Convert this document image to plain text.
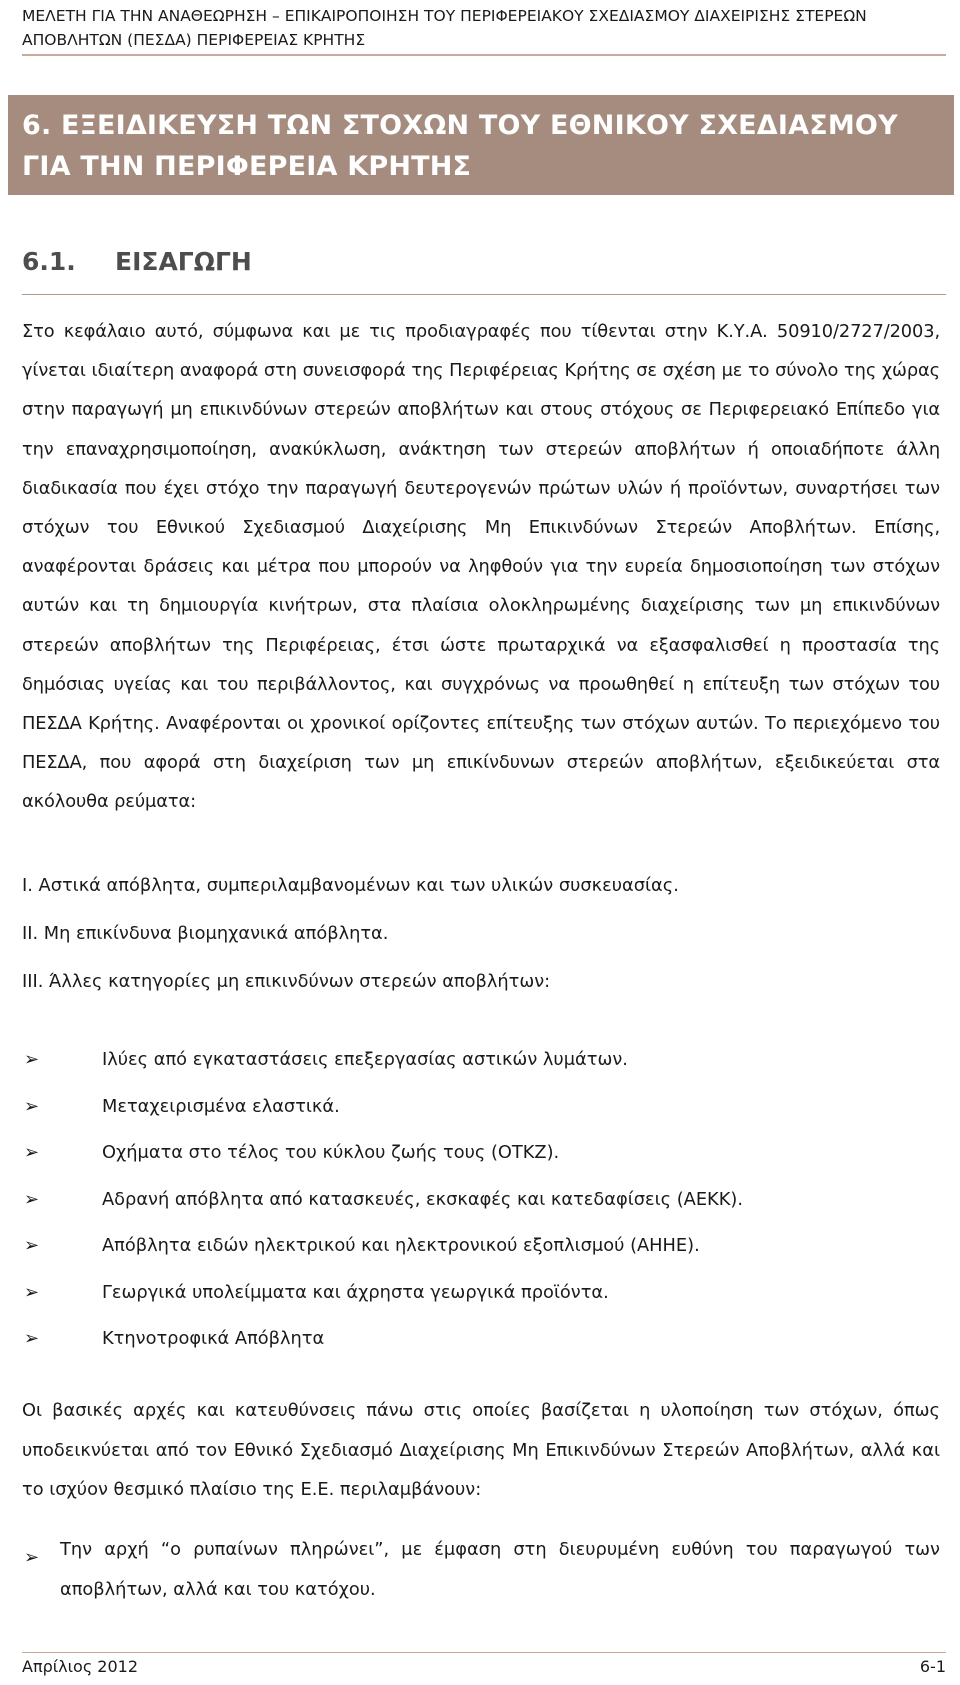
ΜΕΛΕΤΗ ΓΙΑ ΤΗΝ ΑΝΑΘΕΩΡΗΣΗ – ΕΠΙΚΑΙΡΟΠΟΙΗΣΗ ΤΟΥ ΠΕΡΙΦΕΡΕΙΑΚΟΥ ΣΧΕΔΙΑΣΜΟΥ ΔΙΑΧΕΙΡΙΣΗΣ ΣΤΕΡΕΩΝ ΑΠΟΒΛΗΤΩΝ (ΠΕΣΔΑ) ΠΕΡΙΦΕΡΕΙΑΣ ΚΡΗΤΗΣ
6. ΕΞΕΙΔΙΚΕΥΣΗ ΤΩΝ ΣΤΟΧΩΝ ΤΟΥ ΕΘΝΙΚΟΥ ΣΧΕΔΙΑΣΜΟΥ ΓΙΑ ΤΗΝ ΠΕΡΙΦΕΡΕΙΑ ΚΡΗΤΗΣ
6.1. ΕΙΣΑΓΩΓΗ

Στο κεφάλαιο αυτό, σύμφωνα και με τις προδιαγραφές που τίθενται στην Κ.Υ.Α. 50910/2727/2003, γίνεται ιδιαίτερη αναφορά στη συνεισφορά της Περιφέρειας Κρήτης σε σχέση με το σύνολο της χώρας στην παραγωγή μη επικινδύνων στερεών αποβλήτων και στους στόχους σε Περιφερειακό Επίπεδο για την επαναχρησιμοποίηση, ανακύκλωση, ανάκτηση των στερεών αποβλήτων ή οποιαδήποτε άλλη διαδικασία που έχει στόχο την παραγωγή δευτερογενών πρώτων υλών ή προϊόντων, συναρτήσει των στόχων του Εθνικού Σχεδιασμού Διαχείρισης Μη Επικινδύνων Στερεών Αποβλήτων. Επίσης, αναφέρονται δράσεις και μέτρα που μπορούν να ληφθούν για την ευρεία δημοσιοποίηση των στόχων αυτών και τη δημιουργία κινήτρων, στα πλαίσια ολοκληρωμένης διαχείρισης των μη επικινδύνων στερεών αποβλήτων της Περιφέρειας, έτσι ώστε πρωταρχικά να εξασφαλισθεί η προστασία της δημόσιας υγείας και του περιβάλλοντος, και συγχρόνως να προωθηθεί η επίτευξη των στόχων του ΠΕΣΔΑ Κρήτης. Αναφέρονται οι χρονικοί ορίζοντες επίτευξης των στόχων αυτών. Το περιεχόμενο του ΠΕΣΔΑ, που αφορά στη διαχείριση των μη επικίνδυνων στερεών αποβλήτων, εξειδικεύεται στα ακόλουθα ρεύματα:

Ι. Αστικά απόβλητα, συμπεριλαμβανομένων και των υλικών συσκευασίας.

ΙΙ. Μη επικίνδυνα βιομηχανικά απόβλητα.

ΙΙΙ. Άλλες κατηγορίες μη επικινδύνων στερεών αποβλήτων:

➢	Ιλύες από εγκαταστάσεις επεξεργασίας αστικών λυμάτων.
➢	Μεταχειρισμένα ελαστικά.
➢	Οχήματα στο τέλος του κύκλου ζωής τους (ΟΤΚΖ).
➢	Αδρανή απόβλητα από κατασκευές, εκσκαφές και κατεδαφίσεις (ΑΕΚΚ).
➢	Απόβλητα ειδών ηλεκτρικού και ηλεκτρονικού εξοπλισμού (ΑΗΗΕ).
➢	Γεωργικά υπολείμματα και άχρηστα γεωργικά προϊόντα.
➢	Κτηνοτροφικά Απόβλητα

Οι βασικές αρχές και κατευθύνσεις πάνω στις οποίες βασίζεται η υλοποίηση των στόχων, όπως υποδεικνύεται από τον Εθνικό Σχεδιασμό Διαχείρισης Μη Επικινδύνων Στερεών Αποβλήτων, αλλά και το ισχύον θεσμικό πλαίσιο της Ε.Ε. περιλαμβάνουν:

➢ Την αρχή “ο ρυπαίνων πληρώνει”, με έμφαση στη διευρυμένη ευθύνη του παραγωγού των αποβλήτων, αλλά και του κατόχου.
Απρίλιος 2012	6-1
